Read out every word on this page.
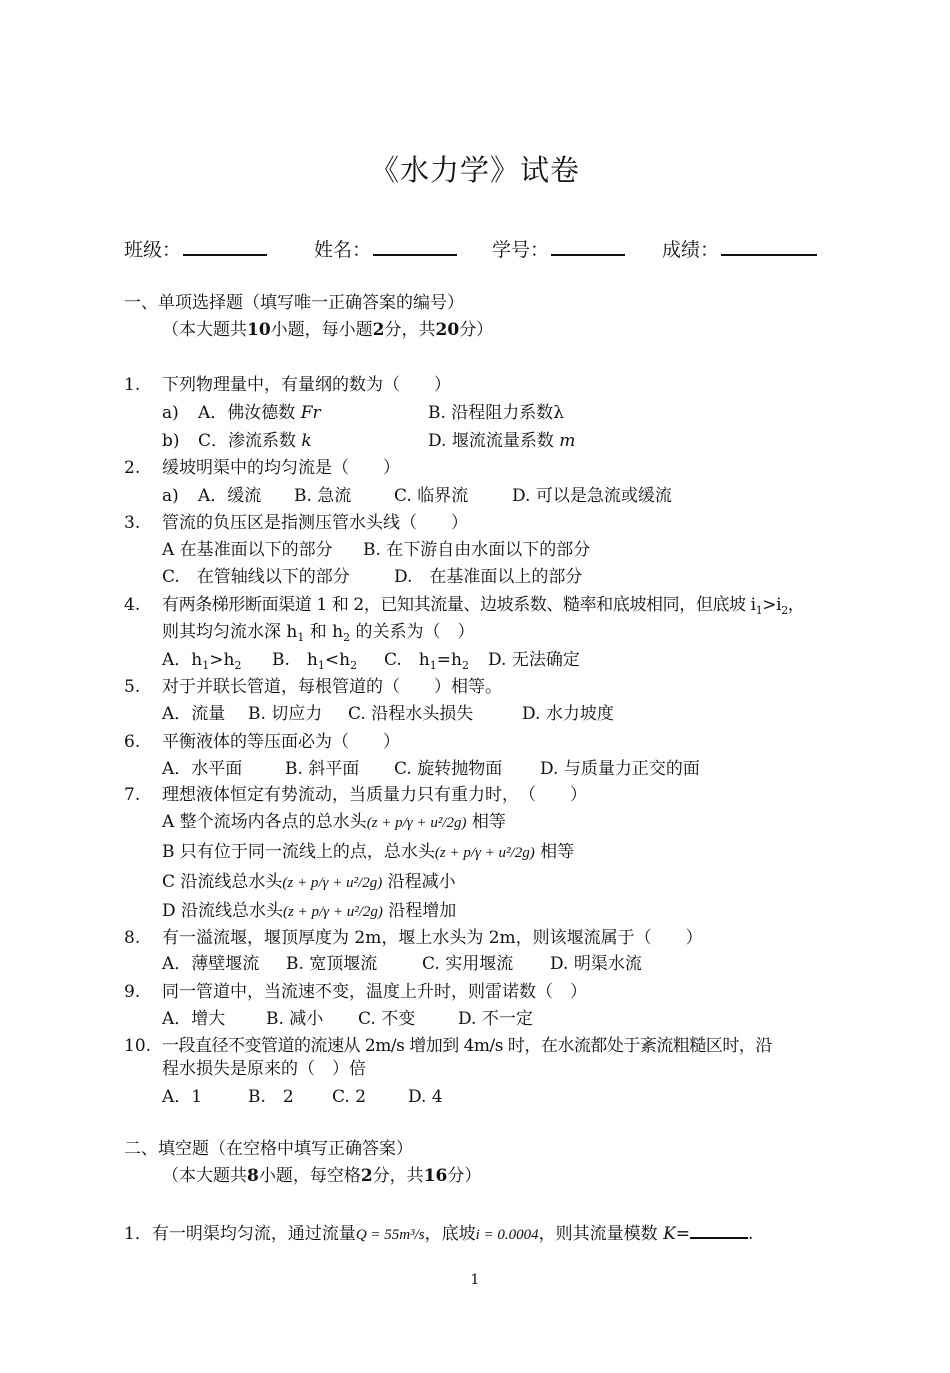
《水力学》试卷
班级：	姓名：	学号：	成绩：
一、单项选择题（填写唯一正确答案的编号）
（本大题共10小题，每小题2分，共20分）
1. 下列物理量中，有量纲的数为（　　）
a) A．佛汝德数 Fr	B. 沿程阻力系数λ
b) C．渗流系数 k	D. 堰流流量系数 m
2. 缓坡明渠中的均匀流是（　　）
a) A．缓流 B. 急流	C. 临界流	D. 可以是急流或缓流
3. 管流的负压区是指测压管水头线（　　）
A 在基准面以下的部分 B. 在下游自由水面以下的部分
C.　在管轴线以下的部分	D.　在基准面以上的部分
4. 有两条梯形断面渠道 1 和 2，已知其流量、边坡系数、糙率和底坡相同，但底坡 $i_1>i_2$，
则其均匀流水深 $h_1$ 和 $h_2$ 的关系为（　）
A．$h_1>h_2$ B.　$h_1<h_2$ C.　$h_1=h_2$ D. 无法确定
5. 对于并联长管道，每根管道的（　　）相等。
A．流量 B. 切应力 C. 沿程水头损失	D. 水力坡度
6. 平衡液体的等压面必为（　　）
A．水平面	B. 斜平面 C. 旋转抛物面 D. 与质量力正交的面
7. 理想液体恒定有势流动，当质量力只有重力时，　（　　）
A 整个流场内各点的总水头(z + p/γ + u²/2g) 相等
B 只有位于同一流线上的点，总水头(z + p/γ + u²/2g) 相等
C 沿流线总水头(z + p/γ + u²/2g) 沿程减小
D 沿流线总水头(z + p/γ + u²/2g) 沿程增加
8. 有一溢流堰，堰顶厚度为 2m，堰上水头为 2m，则该堰流属于（　　）
A．薄壁堰流 B. 宽顶堰流	C. 实用堰流 D. 明渠水流
9. 同一管道中，当流速不变，温度上升时，则雷诺数（　）
A．增大 B. 减小 C. 不变	D. 不一定
10. 一段直径不变管道的流速从 2m/s 增加到 4m/s 时，在水流都处于紊流粗糙区时，沿
程水损失是原来的（　）倍
A．1	B.　2 C. 2 D. 4
二、填空题（在空格中填写正确答案）
（本大题共8小题，每空格2分，共16分）
1．有一明渠均匀流，通过流量Q = 55m³/s，底坡i = 0.0004，则其流量模数 K=	.
1
